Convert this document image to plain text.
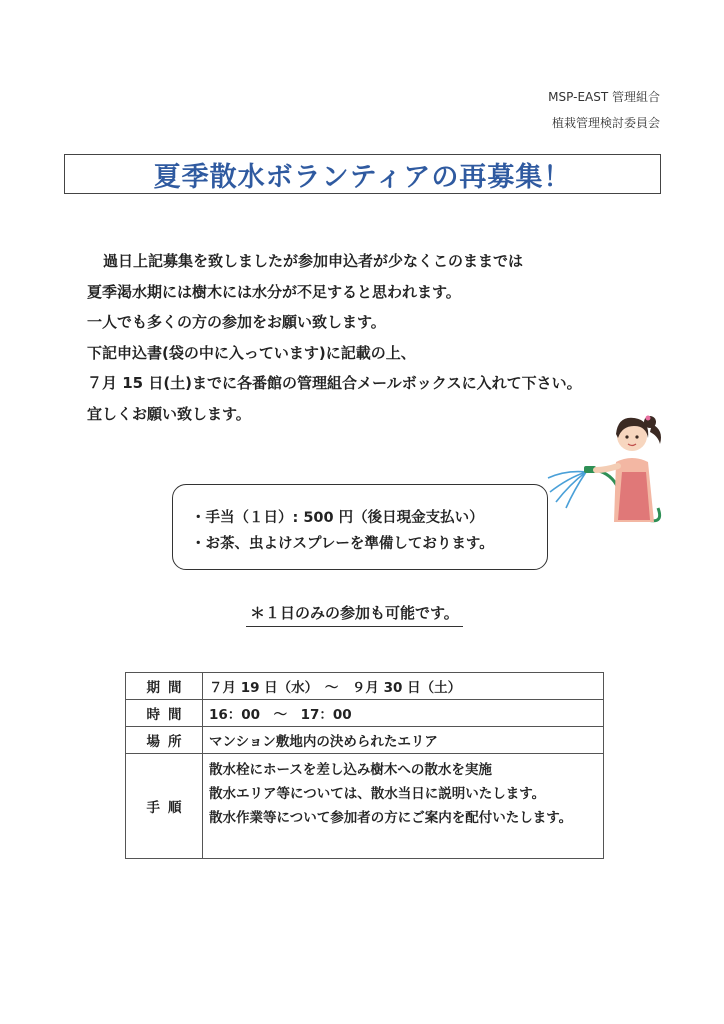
MSP-EAST 管理組合
植栽管理検討委員会
夏季散水ボランティアの再募集！
過日上記募集を致しましたが参加申込者が少なくこのままでは
夏季渇水期には樹木には水分が不足すると思われます。
一人でも多くの方の参加をお願い致します。
下記申込書(袋の中に入っています)に記載の上、
７月 15 日(土)までに各番館の管理組合メールボックスに入れて下さい。
宜しくお願い致します。
・手当（１日）: 500 円（後日現金支払い）
・お茶、虫よけスプレーを準備しております。
＊１日のみの参加も可能です。
期間	７月 19 日（水）　～　９月 30 日（土）
時間	16：00　～　17：00
場所	マンション敷地内の決められたエリア
手順	散水栓にホースを差し込み樹木への散水を実施
散水エリア等については、散水当日に説明いたします。
散水作業等について参加者の方にご案内を配付いたします。
